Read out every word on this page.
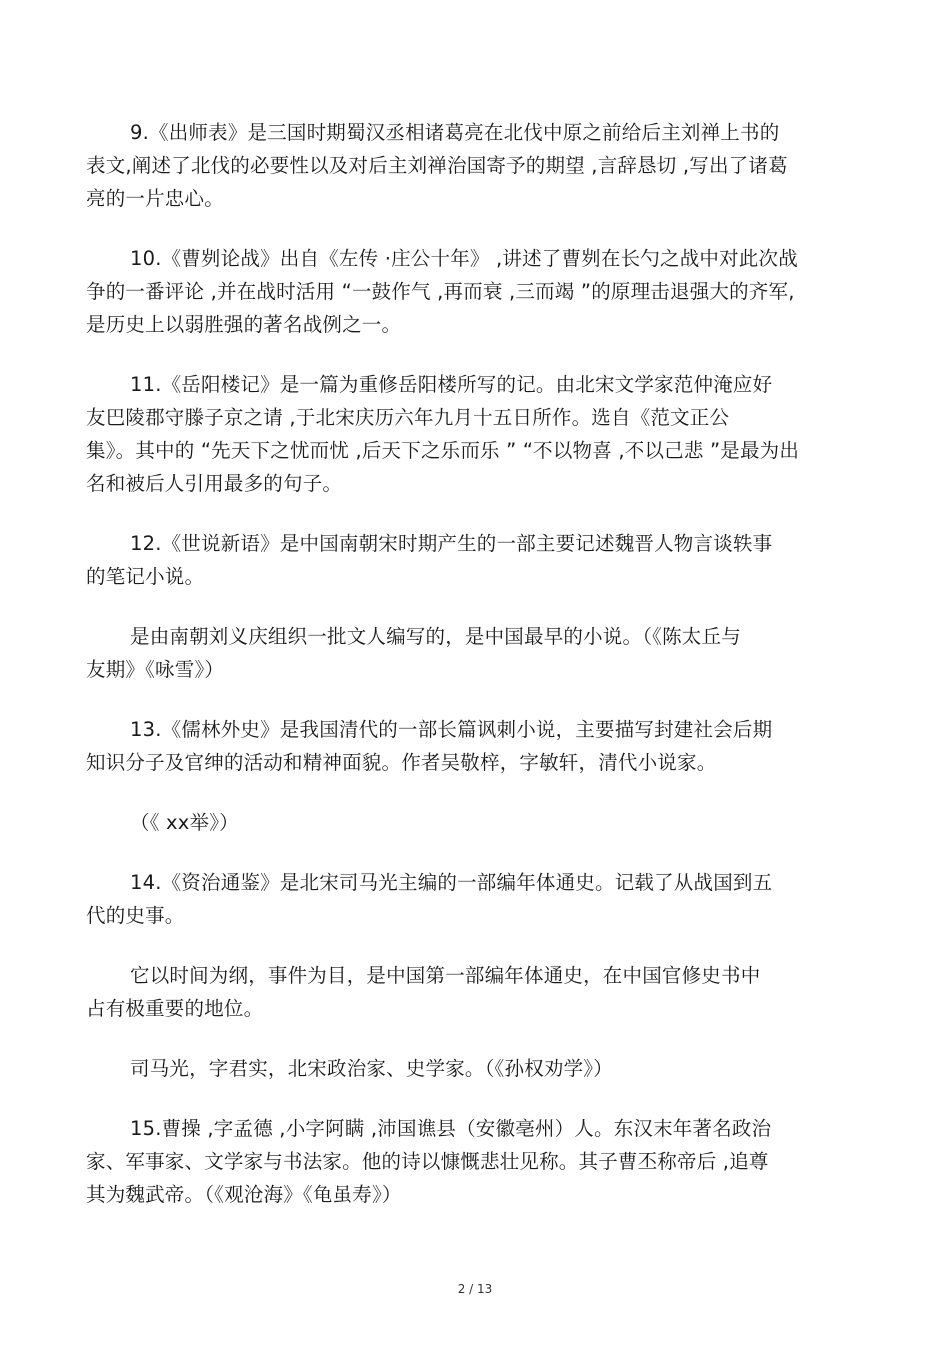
9.《出师表》是三国时期蜀汉丞相诸葛亮在北伐中原之前给后主刘禅上书的
表文,阐述了北伐的必要性以及对后主刘禅治国寄予的期望 ,言辞恳切 ,写出了诸葛
亮的一片忠心。
10.《曹刿论战》出自《左传 ·庄公十年》 ,讲述了曹刿在长勺之战中对此次战
争的一番评论 ,并在战时活用 “一鼓作气 ,再而衰 ,三而竭 ”的原理击退强大的齐军,
是历史上以弱胜强的著名战例之一。
11.《岳阳楼记》是一篇为重修岳阳楼所写的记。由北宋文学家范仲淹应好
友巴陵郡守滕子京之请 ,于北宋庆历六年九月十五日所作。选自《范文正公
集》。其中的 “先天下之忧而忧 ,后天下之乐而乐 ” “不以物喜 ,不以己悲 ”是最为出
名和被后人引用最多的句子。
12.《世说新语》是中国南朝宋时期产生的一部主要记述魏晋人物言谈轶事
的笔记小说。
是由南朝刘义庆组织一批文人编写的，是中国最早的小说。（《陈太丘与
友期》《咏雪》）
13.《儒林外史》是我国清代的一部长篇讽刺小说，主要描写封建社会后期
知识分子及官绅的活动和精神面貌。作者吴敬梓，字敏轩，清代小说家。
（《 xx举》）
14.《资治通鉴》是北宋司马光主编的一部编年体通史。记载了从战国到五
代的史事。
它以时间为纲，事件为目，是中国第一部编年体通史，在中国官修史书中
占有极重要的地位。
司马光，字君实，北宋政治家、史学家。（《孙权劝学》）
15.曹操 ,字孟德 ,小字阿瞒 ,沛国谯县（安徽亳州）人。东汉末年著名政治
家、军事家、文学家与书法家。他的诗以慷慨悲壮见称。其子曹丕称帝后 ,追尊
其为魏武帝。（《观沧海》《龟虽寿》）
2 / 13
